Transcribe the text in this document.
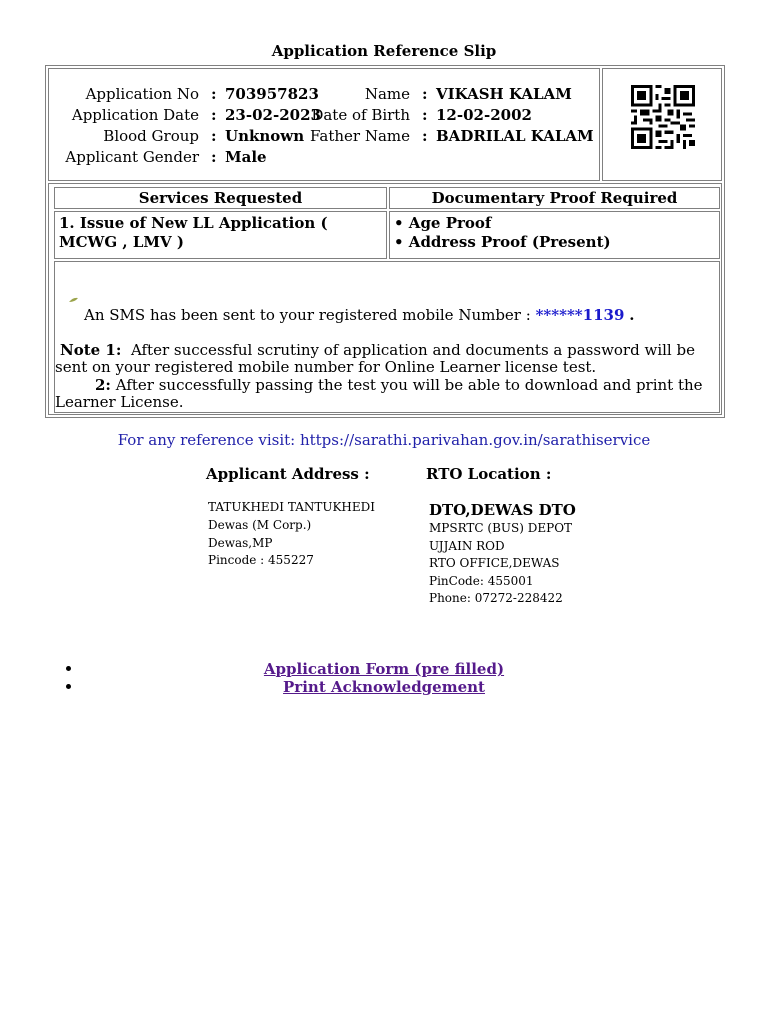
Application Reference Slip
Application No : 703957823
Application Date : 23-02-2023
Blood Group : Unknown
Applicant Gender : Male
Name : VIKASH KALAM
Date of Birth : 12-02-2002
Father Name : BADRILAL KALAM
Services Requested	Documentary Proof Required
1. Issue of New LL Application ( MCWG , LMV )
• Age Proof
• Address Proof (Present)
An SMS has been sent to your registered mobile Number : ******1139 .
Note 1: After successful scrutiny of application and documents a password will be sent on your registered mobile number for Online Learner license test.
2: After successfully passing the test you will be able to download and print the Learner License.
For any reference visit: https://sarathi.parivahan.gov.in/sarathiservice
Applicant Address :	RTO Location :
TATUKHEDI TANTUKHEDI
Dewas (M Corp.)
Dewas,MP
Pincode : 455227
DTO,DEWAS DTO
MPSRTC (BUS) DEPOT
UJJAIN ROD
RTO OFFICE,DEWAS
PinCode: 455001
Phone: 07272-228422
Application Form (pre filled)
Print Acknowledgement
